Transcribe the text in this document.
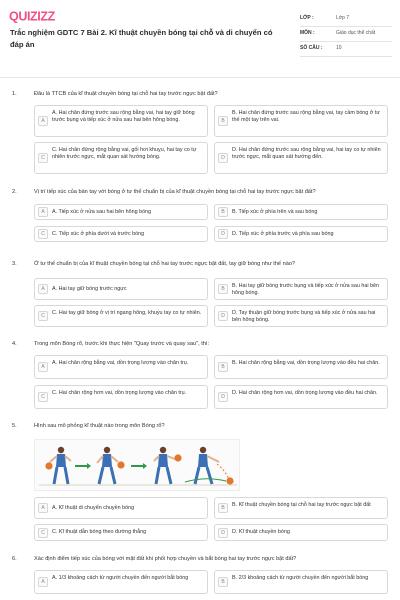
QUIZIZZ
Trắc nghiệm GDTC 7 Bài 2. Kĩ thuật chuyền bóng tại chỗ và di chuyển có đáp án
LỚP :	Lớp 7
MÔN :	Giáo dục thể chất
SỐ CÂU :	10
1.	Đâu là TTCB của kĩ thuật chuyền bóng tại chỗ hai tay trước ngực bật đất?
A
A. Hai chân đứng trước sau rộng bằng vai, hai tay giữ bóng trước bụng và tiếp xúc ở nửa sau hai bên hông bóng.	B
B. Hai chân đứng trước sau rộng bằng vai, tay cầm bóng ở tư thế một tay trên vai.
C
C. Hai chân đứng rộng bằng vai, gối hơi khuỵu, hai tay co tự nhiên trước ngực, mắt quan sát hướng bóng.	D
D. Hai chân đứng trước sau rộng bằng vai, hai tay co tự nhiên trước ngực, mắt quan sát hướng đến.
2.	Vị trí tiếp xúc của bàn tay với bóng ở tư thế chuẩn bị của kĩ thuật chuyền bóng tại chỗ hai tay trước ngực bật đất?
A	A. Tiếp xúc ở nửa sau hai bên hông bóng	B	B. Tiếp xúc ở phía trên và sau bóng
C	C. Tiếp xúc ở phía dưới và trước bóng	D	D. Tiếp xúc ở phía trước và phía sau bóng
3.	Ở tư thế chuẩn bị của kĩ thuật chuyền bóng tại chỗ hai tay trước ngực bật đất, tay giữ bóng như thế nào?
A	A. Hai tay giữ bóng trước ngực	B	B. Hai tay giữ bóng trước bụng và tiếp xúc ở nửa sau hai bên hông bóng.
C	C. Hai tay giữ bóng ở vị trí ngang hông, khuỷu tay co tự nhiên.	D	D. Tay thuận giữ bóng trước bụng và tiếp xúc ở nửa sau hai bên hông bóng.
4.	Trong môn Bóng rổ, trước khi thực hiện "Quay trước và quay sau", thì:
A
A. Hai chân rộng bằng vai, dồn trọng lượng vào chân trụ.
B
B. Hai chân rộng bằng vai, dồn trọng lượng vào đều hai chân.
C
C. Hai chân rộng hơn vai, dồn trọng lượng vào chân trụ.
D
D. Hai chân rộng hơn vai, dồn trọng lượng vào đều hai chân.
5.	Hình sau mô phỏng kĩ thuật nào trong môn Bóng rổ?
A	A. Kĩ thuật di chuyển chuyền bóng	B	B. Kĩ thuật chuyền bóng tại chỗ hai tay trước ngực bật đất
C	C. Kĩ thuật dẫn bóng theo đường thẳng	D	D. Kĩ thuật chuyền bóng
6.	Xác định điểm tiếp xúc của bóng với mặt đất khi phối hợp chuyền và bắt bóng hai tay trước ngực bật đất?
A
A. 1/3 khoảng cách từ người chuyền đến người bắt bóng
B
B. 2/3 khoảng cách từ người chuyền đến người bắt bóng
